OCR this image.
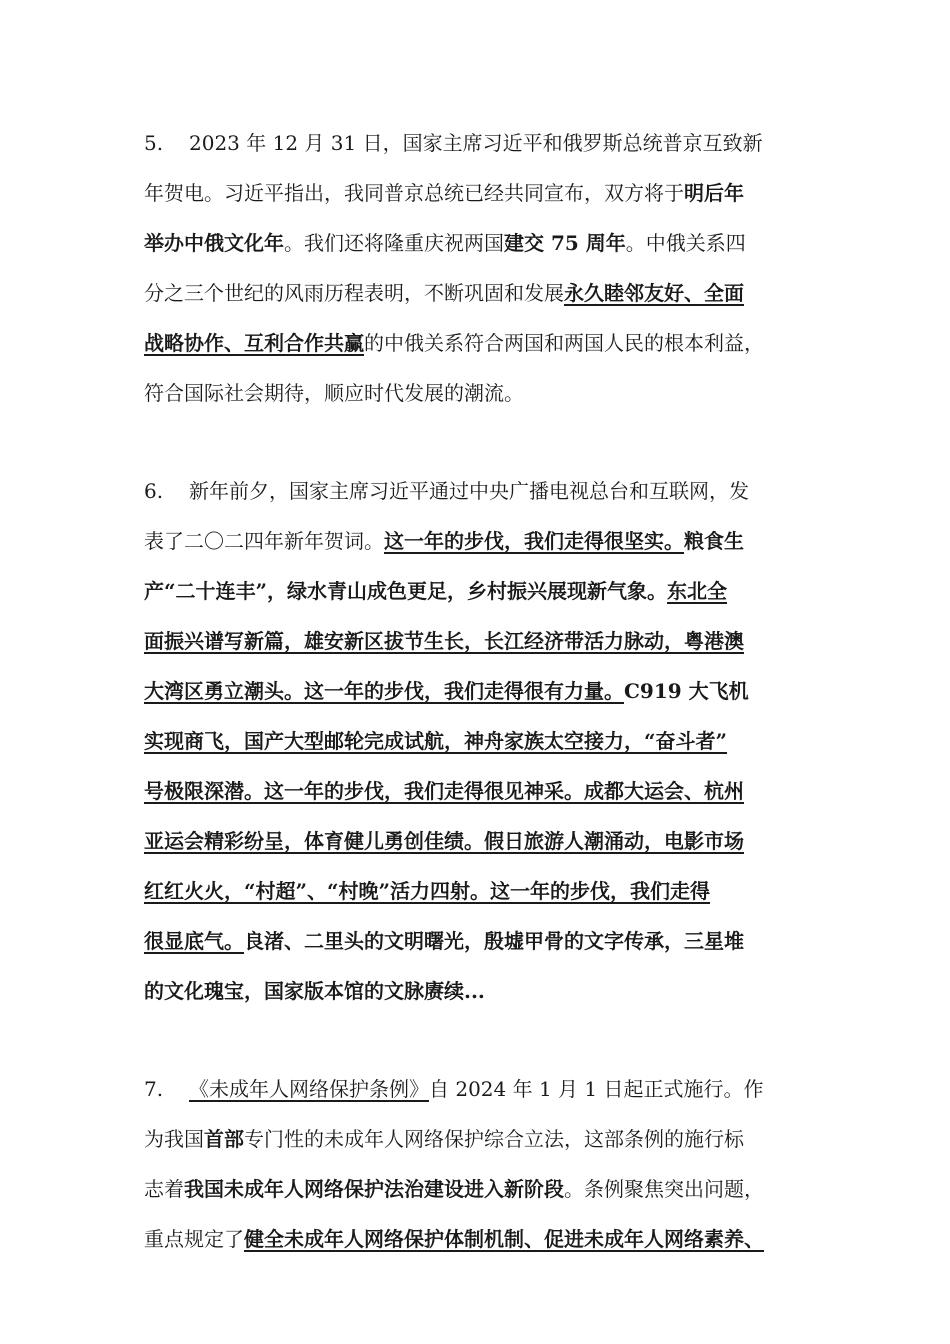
5. 2023 年 12 月 31 日，国家主席习近平和俄罗斯总统普京互致新
年贺电。习近平指出，我同普京总统已经共同宣布，双方将于明后年
举办中俄文化年。我们还将隆重庆祝两国建交 75 周年。中俄关系四
分之三个世纪的风雨历程表明，不断巩固和发展永久睦邻友好、全面
战略协作、互利合作共赢的中俄关系符合两国和两国人民的根本利益，
符合国际社会期待，顺应时代发展的潮流。
6. 新年前夕，国家主席习近平通过中央广播电视总台和互联网，发
表了二〇二四年新年贺词。这一年的步伐，我们走得很坚实。粮食生
产“二十连丰”，绿水青山成色更足，乡村振兴展现新气象。东北全
面振兴谱写新篇，雄安新区拔节生长，长江经济带活力脉动，粤港澳
大湾区勇立潮头。这一年的步伐，我们走得很有力量。C919 大飞机
实现商飞，国产大型邮轮完成试航，神舟家族太空接力，“奋斗者”
号极限深潜。这一年的步伐，我们走得很见神采。成都大运会、杭州
亚运会精彩纷呈，体育健儿勇创佳绩。假日旅游人潮涌动，电影市场
红红火火，“村超”、“村晚”活力四射。这一年的步伐，我们走得
很显底气。良渚、二里头的文明曙光，殷墟甲骨的文字传承，三星堆
的文化瑰宝，国家版本馆的文脉赓续...
7. 《未成年人网络保护条例》自 2024 年 1 月 1 日起正式施行。作
为我国首部专门性的未成年人网络保护综合立法，这部条例的施行标
志着我国未成年人网络保护法治建设进入新阶段。条例聚焦突出问题，
重点规定了健全未成年人网络保护体制机制、促进未成年人网络素养、
